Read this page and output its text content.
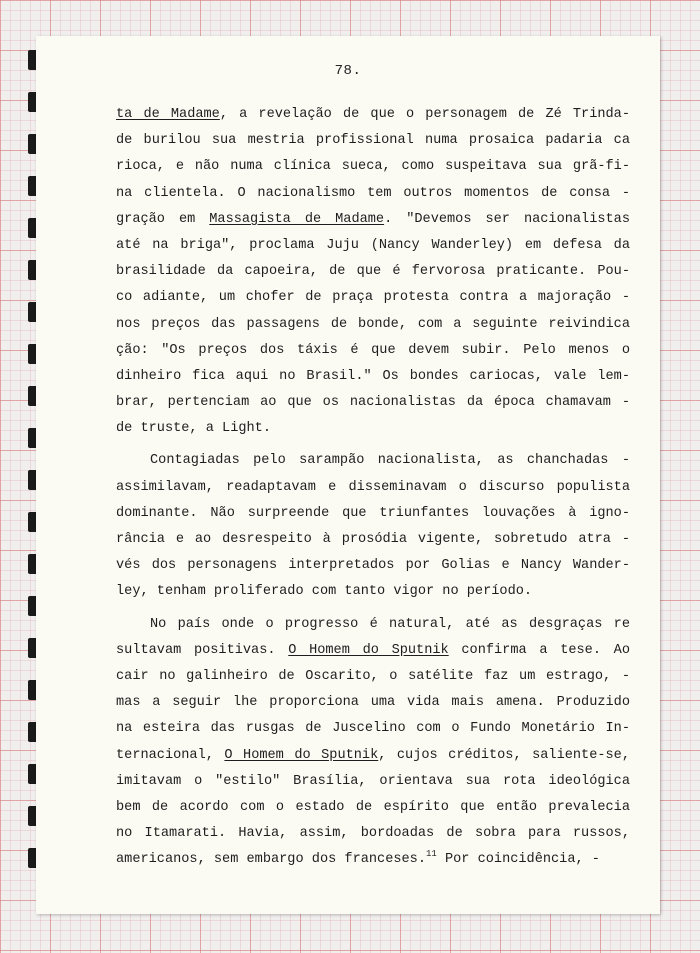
78.
ta de Madame, a revelação de que o personagem de Zé Trinda-
de burilou sua mestria profissional numa prosaica padaria ca
rioca, e não numa clínica sueca, como suspeitava sua grã-fi-
na clientela. O nacionalismo tem outros momentos de consa -
gração em Massagista de Madame. "Devemos ser nacionalistas
até na briga", proclama Juju (Nancy Wanderley) em defesa da
brasilidade da capoeira, de que é fervorosa praticante. Pou-
co adiante, um chofer de praça protesta contra a majoração -
nos preços das passagens de bonde, com a seguinte reivindica
ção: "Os preços dos táxis é que devem subir. Pelo menos o
dinheiro fica aqui no Brasil." Os bondes cariocas, vale lem-
brar, pertenciam ao que os nacionalistas da época chamavam -
de truste, a Light.
Contagiadas pelo sarampão nacionalista, as chanchadas -
assimilavam, readaptavam e disseminavam o discurso populista
dominante. Não surpreende que triunfantes louvações à igno-
rância e ao desrespeito à prosódia vigente, sobretudo atra -
vés dos personagens interpretados por Golias e Nancy Wander-
ley, tenham proliferado com tanto vigor no período.
No país onde o progresso é natural, até as desgraças re
sultavam positivas. O Homem do Sputnik confirma a tese. Ao
cair no galinheiro de Oscarito, o satélite faz um estrago, -
mas a seguir lhe proporciona uma vida mais amena. Produzido
na esteira das rusgas de Juscelino com o Fundo Monetário In-
ternacional, O Homem do Sputnik, cujos créditos, saliente-se,
imitavam o "estilo" Brasília, orientava sua rota ideológica
bem de acordo com o estado de espírito que então prevalecia
no Itamarati. Havia, assim, bordoadas de sobra para russos,
americanos, sem embargo dos franceses.$^{11}$ Por coincidência, -
